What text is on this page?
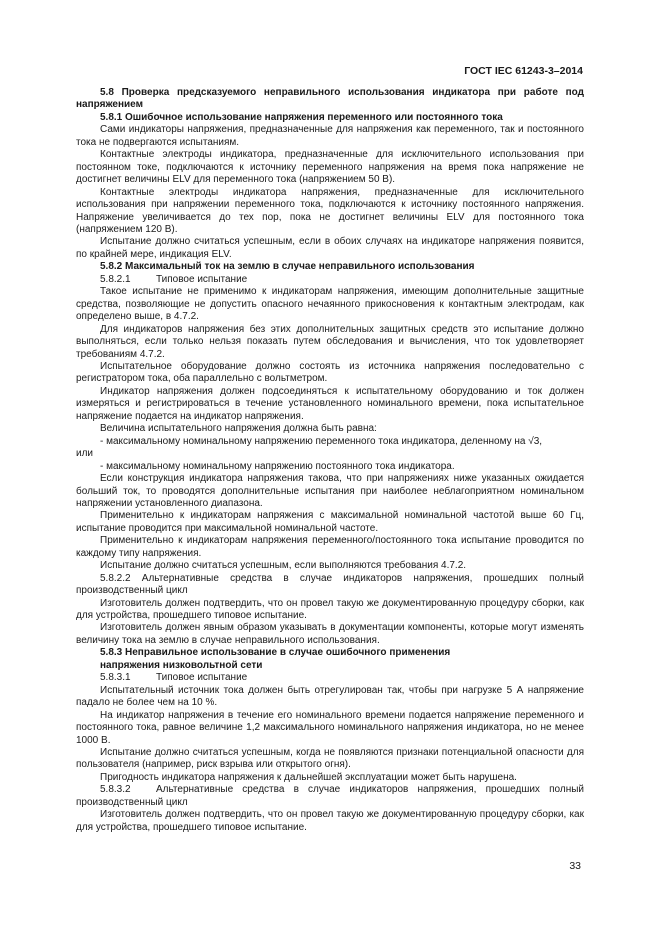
ГОСТ IEC 61243-3–2014

5.8 Проверка предсказуемого неправильного использования индикатора при работе под напряжением

5.8.1 Ошибочное использование напряжения переменного или постоянного тока

Сами индикаторы напряжения, предназначенные для напряжения как переменного, так и постоянного тока не подвергаются испытаниям.

Контактные электроды индикатора, предназначенные для исключительного использования при постоянном токе, подключаются к источнику переменного напряжения на время пока напряжение не достигнет величины ELV для переменного тока (напряжением 50 В).

Контактные электроды индикатора напряжения, предназначенные для исключительного использования при напряжении переменного тока, подключаются к источнику постоянного напряжения. Напряжение увеличивается до тех пор, пока не достигнет величины ELV для постоянного тока (напряжением 120 В).

Испытание должно считаться успешным, если в обоих случаях на индикаторе напряжения появится, по крайней мере, индикация ELV.

5.8.2 Максимальный ток на землю в случае неправильного использования

5.8.2.1	Типовое испытание

Такое испытание не применимо к индикаторам напряжения, имеющим дополнительные защитные средства, позволяющие не допустить опасного нечаянного прикосновения к контактным электродам, как определено выше, в 4.7.2.

Для индикаторов напряжения без этих дополнительных защитных средств это испытание должно выполняться, если только нельзя показать путем обследования и вычисления, что ток удовлетворяет требованиям 4.7.2.

Испытательное оборудование должно состоять из источника напряжения последовательно с регистратором тока, оба параллельно с вольтметром.

Индикатор напряжения должен подсоединяться к испытательному оборудованию и ток должен измеряться и регистрироваться в течение установленного номинального времени, пока испытательное напряжение подается на индикатор напряжения.

Величина испытательного напряжения должна быть равна:

- максимальному номинальному напряжению переменного тока индикатора, деленному на √3,

или

- максимальному номинальному напряжению постоянного тока индикатора.

Если конструкция индикатора напряжения такова, что при напряжениях ниже указанных ожидается больший ток, то проводятся дополнительные испытания при наиболее неблагоприятном номинальном напряжении установленного диапазона.

Применительно к индикаторам напряжения с максимальной номинальной частотой выше 60 Гц, испытание проводится при максимальной номинальной частоте.

Применительно к индикаторам напряжения переменного/постоянного тока испытание проводится по каждому типу напряжения.

Испытание должно считаться успешным, если выполняются требования 4.7.2.

5.8.2.2 Альтернативные средства в случае индикаторов напряжения, прошедших полный производственный цикл

Изготовитель должен подтвердить, что он провел такую же документированную процедуру сборки, как для устройства, прошедшего типовое испытание.

Изготовитель должен явным образом указывать в документации компоненты, которые могут изменять величину тока на землю в случае неправильного использования.

5.8.3 Неправильное использование в случае ошибочного применения

напряжения низковольтной сети

5.8.3.1	Типовое испытание

Испытательный источник тока должен быть отрегулирован так, чтобы при нагрузке 5 А напряжение падало не более чем на 10 %.

На индикатор напряжения в течение его номинального времени подается напряжение переменного и постоянного тока, равное величине 1,2 максимального номинального напряжения индикатора, но не менее 1000 В.

Испытание должно считаться успешным, когда не появляются признаки потенциальной опасности для пользователя (например, риск взрыва или открытого огня).

Пригодность индикатора напряжения к дальнейшей эксплуатации может быть нарушена.

5.8.3.2	Альтернативные средства в случае индикаторов напряжения, прошедших полный производственный цикл

Изготовитель должен подтвердить, что он провел такую же документированную процедуру сборки, как для устройства, прошедшего типовое испытание.

33
